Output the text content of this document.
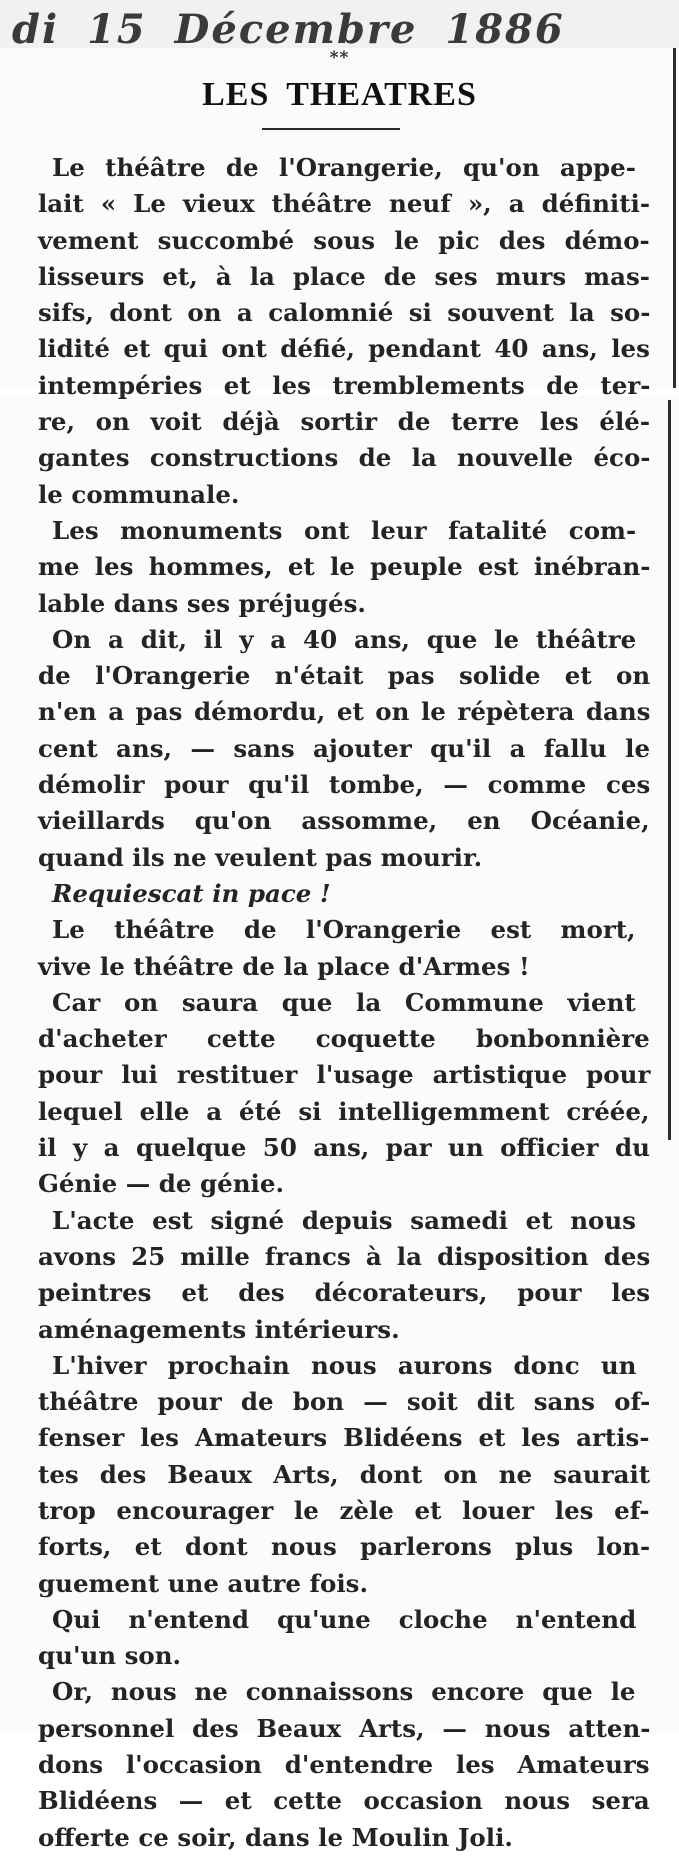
di 15 Décembre 1886
**
LES THEATRES
Le théâtre de l'Orangerie, qu'on appe-
lait « Le vieux théâtre neuf », a définiti-
vement succombé sous le pic des démo-
lisseurs et, à la place de ses murs mas-
sifs, dont on a calomnié si souvent la so-
lidité et qui ont défié, pendant 40 ans, les
intempéries et les tremblements de ter-
re, on voit déjà sortir de terre les élé-
gantes constructions de la nouvelle éco-
le communale.
Les monuments ont leur fatalité com-
me les hommes, et le peuple est inébran-
lable dans ses préjugés.
On a dit, il y a 40 ans, que le théâtre
de l'Orangerie n'était pas solide et on
n'en a pas démordu, et on le répètera dans
cent ans, — sans ajouter qu'il a fallu le
démolir pour qu'il tombe, — comme ces
vieillards qu'on assomme, en Océanie,
quand ils ne veulent pas mourir.
Requiescat in pace !
Le théâtre de l'Orangerie est mort,
vive le théâtre de la place d'Armes !
Car on saura que la Commune vient
d'acheter cette coquette bonbonnière
pour lui restituer l'usage artistique pour
lequel elle a été si intelligemment créée,
il y a quelque 50 ans, par un officier du
Génie — de génie.
L'acte est signé depuis samedi et nous
avons 25 mille francs à la disposition des
peintres et des décorateurs, pour les
aménagements intérieurs.
L'hiver prochain nous aurons donc un
théâtre pour de bon — soit dit sans of-
fenser les Amateurs Blidéens et les artis-
tes des Beaux Arts, dont on ne saurait
trop encourager le zèle et louer les ef-
forts, et dont nous parlerons plus lon-
guement une autre fois.
Qui n'entend qu'une cloche n'entend
qu'un son.
Or, nous ne connaissons encore que le
personnel des Beaux Arts, — nous atten-
dons l'occasion d'entendre les Amateurs
Blidéens — et cette occasion nous sera
offerte ce soir, dans le Moulin Joli.
